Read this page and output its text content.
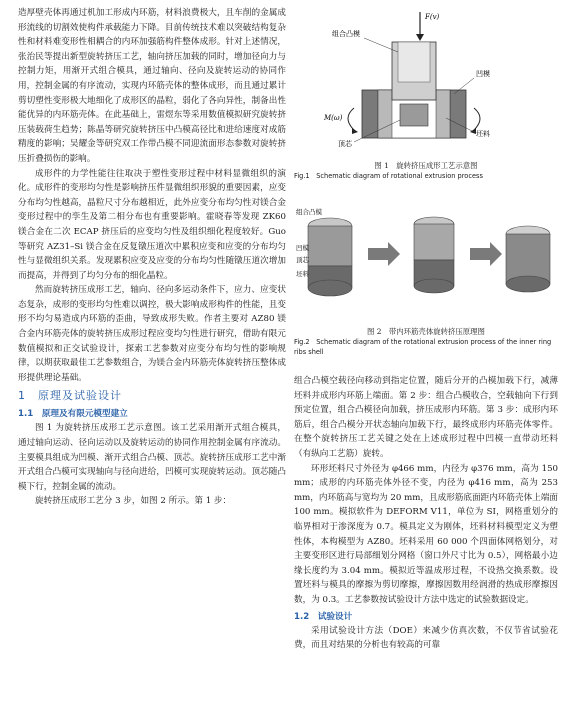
造厚壁壳体再通过机加工形成内环筋，材料浪费极大，且车削的金属成形流线的切割效使构件承载能力下降。目前传统技术难以突破结构复杂性和材料难变形性相耦合的内环加强筋构件整体成形。针对上述情况，张治民等提出新型旋转挤压工艺，轴向挤压加载的同时，增加径向力与控制力矩，用渐开式组合模具，通过轴向、径向及旋转运动的协同作用，控制金属的有序流动，实现内环筋壳体的整体成形，而且通过累计剪切塑性变形极大地细化了成形区的晶粒，弱化了各向异性，制备出性能优异的内环筋壳体。在此基础上，雷煜东等采用数值模拟研究旋转挤压装载荷生趋势；陈晶等研究旋转挤压中凸模高径比和进给速度对成筋精度的影响；吴耀金等研究双工作带凸模不同迎流面形态参数对旋转挤压折叠损伤的影响。

成形件的力学性能往往取决于塑性变形过程中材料显微组织的演化。成形件的变形均匀性是影响挤压件显微组织形貌的重要因素，应变分布均匀性越高，晶粒尺寸分布越相近，此外应变分布均匀性对镁合金变形过程中的孪生及第二相分布也有重要影响。霍晓春等发现 ZK60 镁合金在二次 ECAP 挤压后的应变均匀性及组织细化程度较好。Guo 等研究 AZ31–Si 镁合金在反复镦压道次中累积应变和应变的分布均匀性与显微组织关系。发现累积应变及应变的分布均匀性随镦压道次增加而提高，并得到了均匀分布的细化晶粒。

然而旋转挤压成形工艺，轴向、径向多运动条件下，应力、应变状态复杂，成形的变形均匀性难以调控，极大影响成形构件的性能，且变形不均匀易造成内环筋的歪曲，导致成形失败。作者主要对 AZ80 镁合金内环筋壳体的旋转挤压成形过程应变均匀性进行研究，借助有限元数值模拟和正交试验设计，探索工艺参数对应变分布均匀性的影响规律，以期获取最佳工艺参数组合，为镁合金内环筋壳体旋转挤压整体成形提供理论基础。

1　原理及试验设计
1.1　原理及有限元模型建立

图 1 为旋转挤压成形工艺示意图。该工艺采用渐开式组合模具，通过轴向运动、径向运动以及旋转运动的协同作用控制金属有序流动。主要模具组成为凹模、渐开式组合凸模、顶芯。旋转挤压成形工艺中渐开式组合凸模可实现轴向与径向进给，凹模可实现旋转运动。顶芯随凸模下行，控制金属的流动。

旋转挤压成形工艺分 3 步，如图 2 所示。第 1 步：

F(v)
组合凸模
凹模
M(ω)
顶芯
坯料

图 1　旋转挤压成形工艺示意图

Fig.1　Schematic diagram of rotational extrusion process

组合凸模
凹模
顶芯
坯料

图 2　带内环筋壳体旋转挤压原理图

Fig.2　Schematic diagram of the rotational extrusion process of the inner ring ribs shell

组合凸模空载径向移动到指定位置，随后分开的凸模加载下行，减薄坯料并成形内环筋上端面。第 2 步：组合凸模收合，空载轴向下行到预定位置，组合凸模径向加载，挤压成形内环筋。第 3 步：成形内环筋后，组合凸模分开状态轴向加载下行，最终成形内环筋壳体零件。在整个旋转挤压工艺关键之处在上述成形过程中凹模一直带动坯料（有纵向工艺筋）旋转。

环形坯料尺寸外径为 φ466 mm，内径为 φ376 mm，高为 150 mm；成形的内环筋壳体外径不变，内径为 φ416 mm，高为 253 mm，内环筋高与宽均为 20 mm，且成形筋底面距内环筋壳体上端面 100 mm。模拟软件为 DEFORM V11，单位为 SI，网格重划分的临界相对于渗深度为 0.7。模具定义为刚体，坯料材料模型定义为塑性体，本构模型为 AZ80。坯料采用 60 000 个四面体网格划分，对主要变形区进行局部细划分网格（窗口外尺寸比为 0.5），网格最小边缘长度约为 3.04 mm。模拟近等温成形过程，不设热交换系数。设置坯料与模具的摩擦为剪切摩擦，摩擦因数用经润滑的热成形摩擦因数，为 0.3。工艺参数按试验设计方法中选定的试验数据设定。

1.2　试验设计

采用试验设计方法（DOE）来减少仿真次数，不仅节省试验花费，而且对结果的分析也有较高的可靠
